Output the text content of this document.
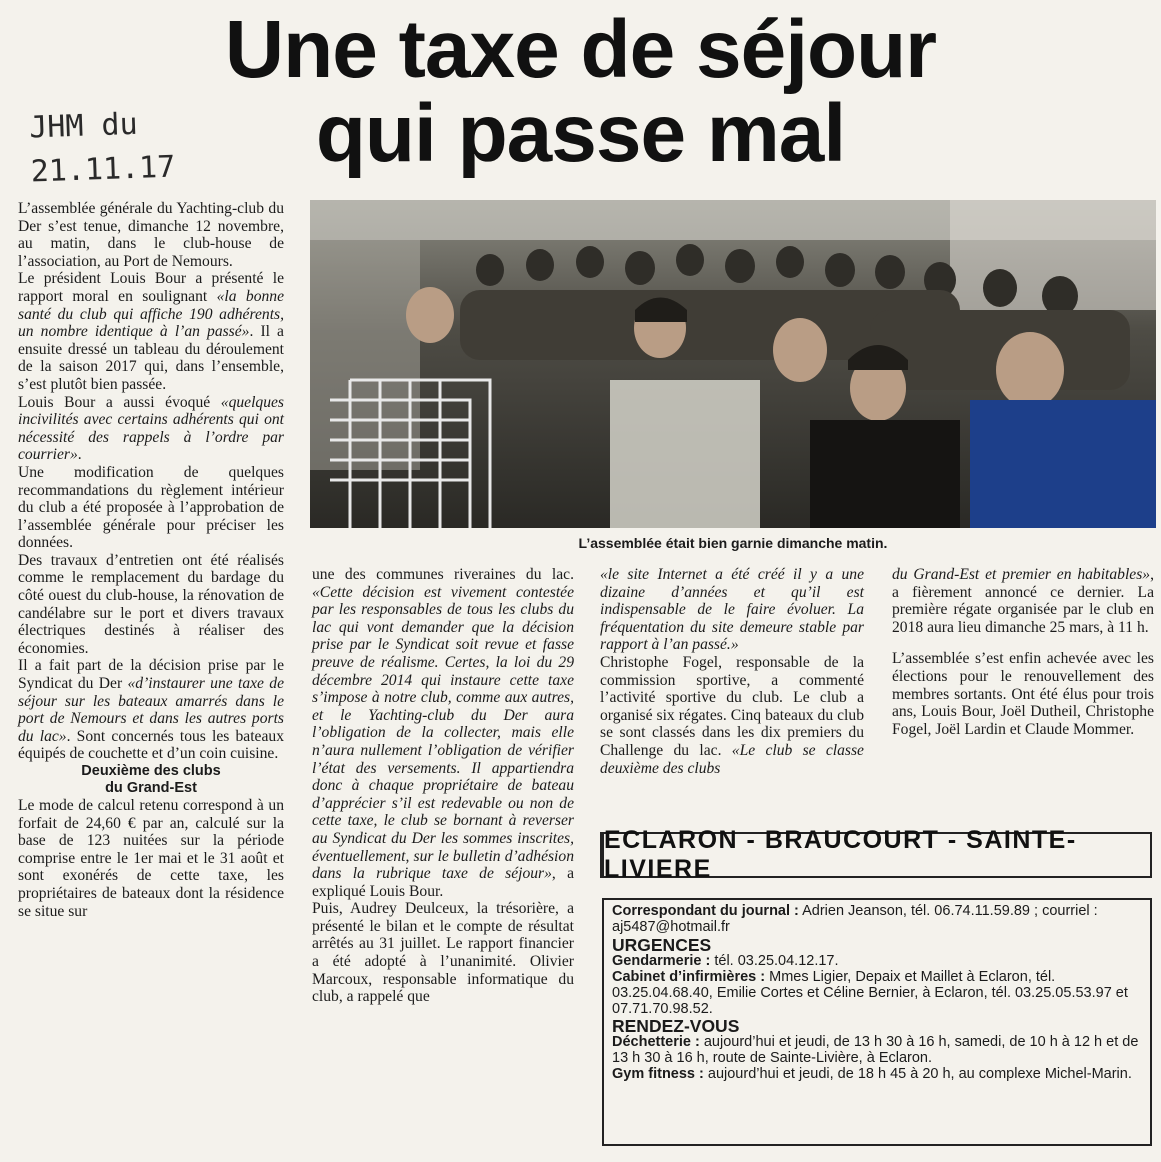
Une taxe de séjour
qui passe mal
JHM du
21.11.17

L’assemblée générale du Yachting-club du Der s’est tenue, dimanche 12 novembre, au matin, dans le club-house de l’association, au Port de Nemours.

Le président Louis Bour a présenté le rapport moral en soulignant «la bonne santé du club qui affiche 190 adhérents, un nombre identique à l’an passé». Il a ensuite dressé un tableau du déroulement de la saison 2017 qui, dans l’ensemble, s’est plutôt bien passée.

Louis Bour a aussi évoqué «quelques incivilités avec certains adhérents qui ont nécessité des rappels à l’ordre par courrier».

Une modification de quelques recommandations du règlement intérieur du club a été proposée à l’approbation de l’assemblée générale pour préciser les données.

Des travaux d’entretien ont été réalisés comme le remplacement du bardage du côté ouest du club-house, la rénovation de candélabre sur le port et divers travaux électriques destinés à réaliser des économies.

Il a fait part de la décision prise par le Syndicat du Der «d’instaurer une taxe de séjour sur les bateaux amarrés dans le port de Nemours et dans les autres ports du lac». Sont concernés tous les bateaux équipés de couchette et d’un coin cuisine.

Deuxième des clubs
du Grand-Est

Le mode de calcul retenu correspond à un forfait de 24,60 € par an, calculé sur la base de 123 nuitées sur la période comprise entre le 1er mai et le 31 août et sont exonérés de cette taxe, les propriétaires de bateaux dont la résidence se situe sur

L’assemblée était bien garnie dimanche matin.

une des communes riveraines du lac. «Cette décision est vivement contestée par les responsables de tous les clubs du lac qui vont demander que la décision prise par le Syndicat soit revue et fasse preuve de réalisme. Certes, la loi du 29 décembre 2014 qui instaure cette taxe s’impose à notre club, comme aux autres, et le Yachting-club du Der aura l’obligation de la collecter, mais elle n’aura nullement l’obligation de vérifier l’état des versements. Il appartiendra donc à chaque propriétaire de bateau d’apprécier s’il est redevable ou non de cette taxe, le club se bornant à reverser au Syndicat du Der les sommes inscrites, éventuellement, sur le bulletin d’adhésion dans la rubrique taxe de séjour», a expliqué Louis Bour.

Puis, Audrey Deulceux, la trésorière, a présenté le bilan et le compte de résultat arrêtés au 31 juillet. Le rapport financier a été adopté à l’unanimité. Olivier Marcoux, responsable informatique du club, a rappelé que

«le site Internet a été créé il y a une dizaine d’années et qu’il est indispensable de le faire évoluer. La fréquentation du site demeure stable par rapport à l’an passé.»

Christophe Fogel, responsable de la commission sportive, a commenté l’activité sportive du club. Le club a organisé six régates. Cinq bateaux du club se sont classés dans les dix premiers du Challenge du lac. «Le club se classe deuxième des clubs

du Grand-Est et premier en habitables», a fièrement annoncé ce dernier. La première régate organisée par le club en 2018 aura lieu dimanche 25 mars, à 11 h.

L’assemblée s’est enfin achevée avec les élections pour le renouvellement des membres sortants. Ont été élus pour trois ans, Louis Bour, Joël Dutheil, Christophe Fogel, Joël Lardin et Claude Mommer.

ECLARON - BRAUCOURT - SAINTE-LIVIERE

Correspondant du journal : Adrien Jeanson, tél. 06.74.11.59.89 ; courriel : aj5487@hotmail.fr

URGENCES

Gendarmerie : tél. 03.25.04.12.17.

Cabinet d’infirmières : Mmes Ligier, Depaix et Maillet à Eclaron, tél. 03.25.04.68.40, Emilie Cortes et Céline Bernier, à Eclaron, tél. 03.25.05.53.97 et 07.71.70.98.52.

RENDEZ-VOUS

Déchetterie : aujourd’hui et jeudi, de 13 h 30 à 16 h, samedi, de 10 h à 12 h et de 13 h 30 à 16 h, route de Sainte-Livière, à Eclaron.

Gym fitness : aujourd’hui et jeudi, de 18 h 45 à 20 h, au complexe Michel-Marin.
